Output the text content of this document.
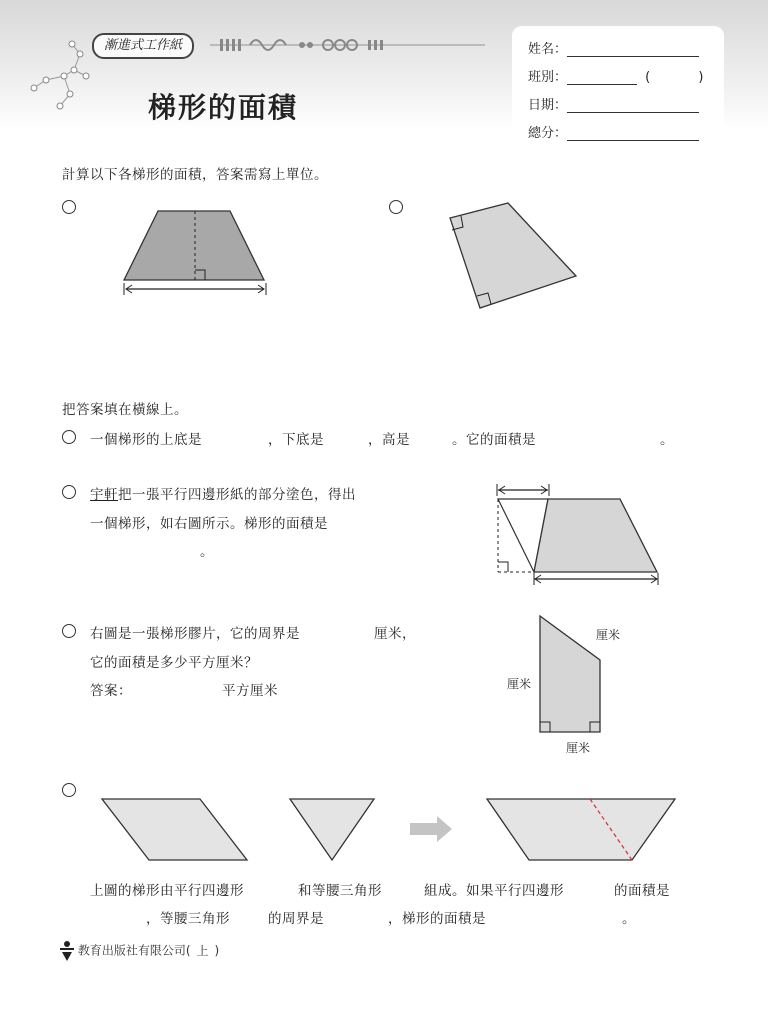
漸進式工作紙
梯形的面積
姓名：
班別：	(	)
日期：
總分：
計算以下各梯形的面積，答案需寫上單位。
把答案填在橫線上。
一個梯形的上底是	，下底是	，高是	。它的面積是	。
宇軒把一張平行四邊形紙的部分塗色，得出
一個梯形，如右圖所示。梯形的面積是
。
右圖是一張梯形膠片，它的周界是	厘米，
它的面積是多少平方厘米？
答案：	平方厘米
厘米
厘米
厘米
上圖的梯形由平行四邊形	和等腰三角形	組成。如果平行四邊形	的面積是
，等腰三角形	的周界是	，梯形的面積是	。
教育出版社有限公司( 上 )
